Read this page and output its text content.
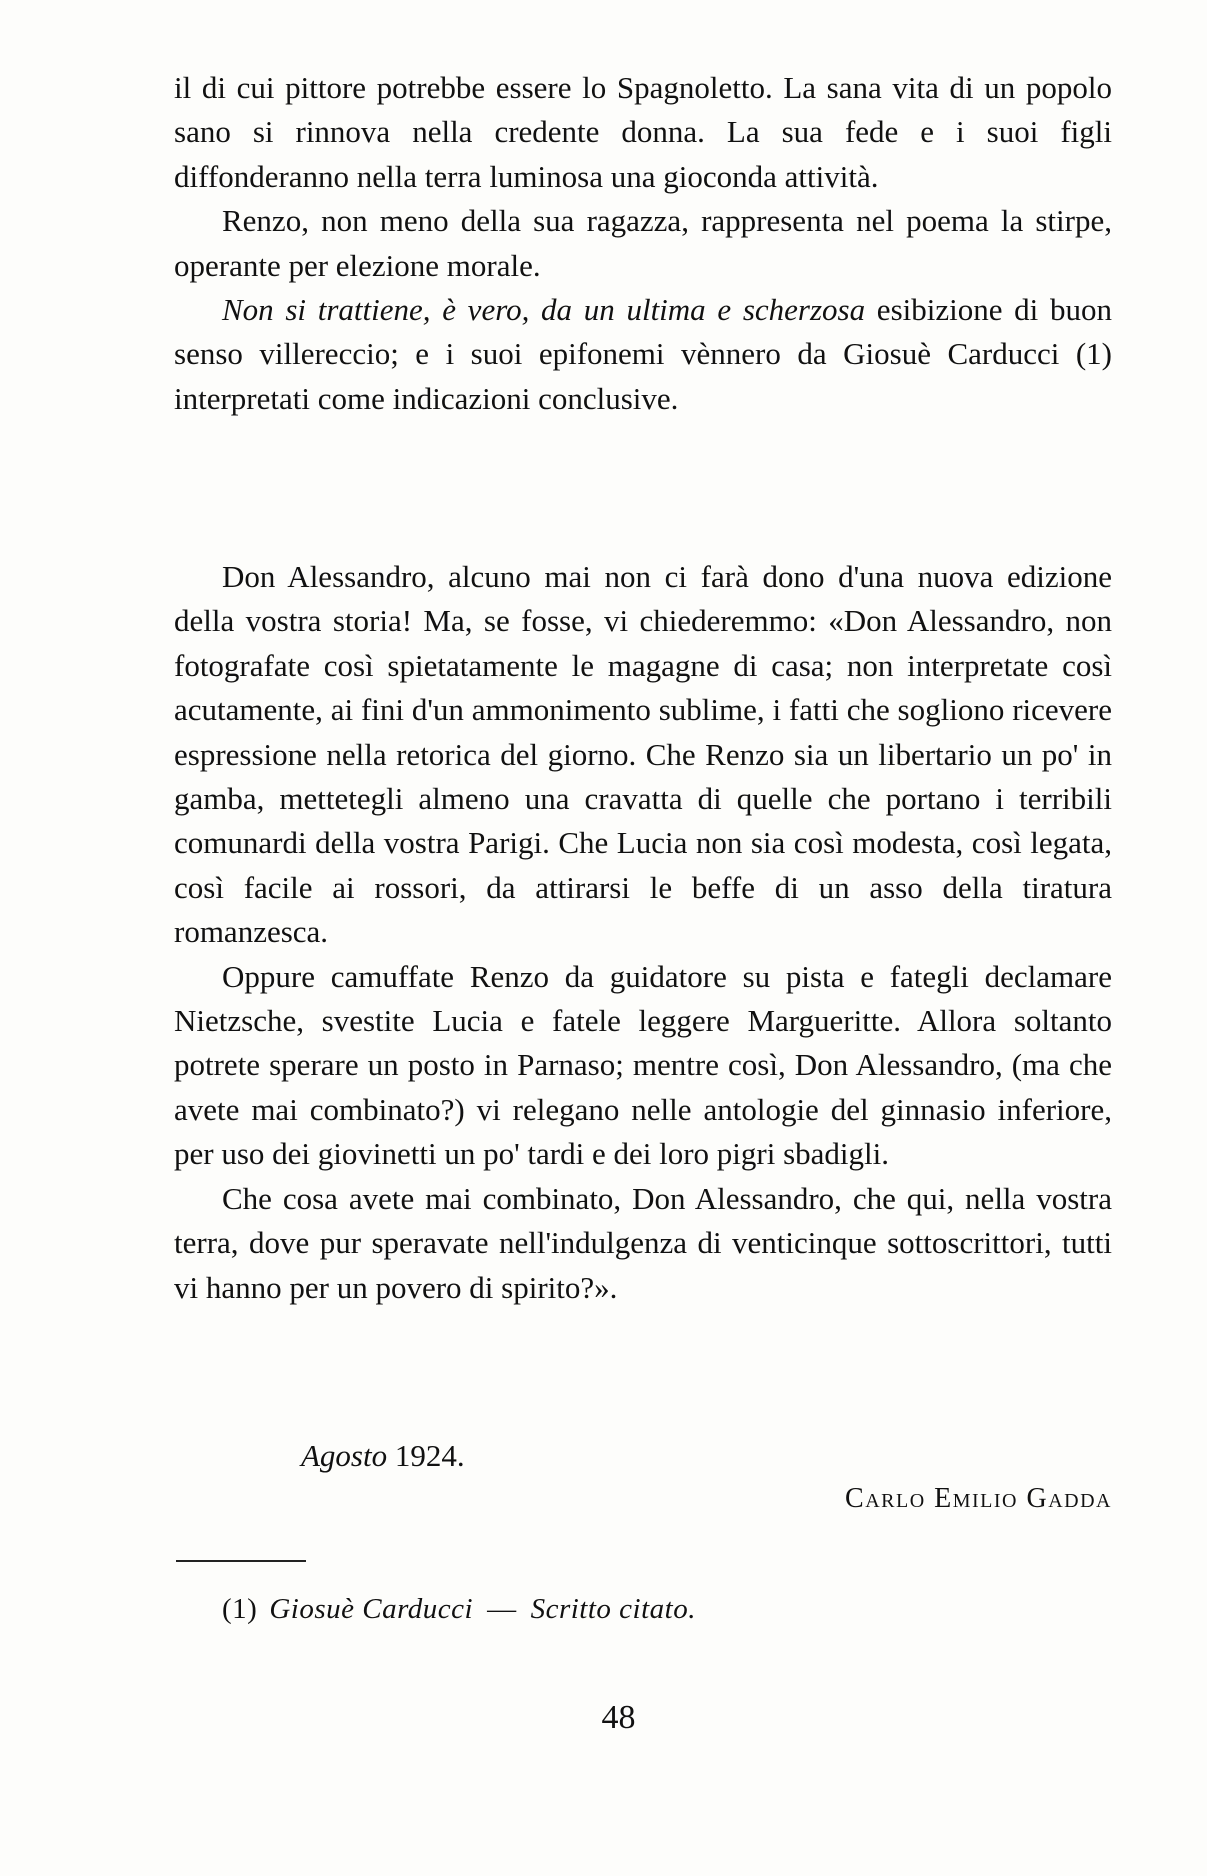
il di cui pittore potrebbe essere lo Spagnoletto. La sana vita di un popolo sano si rinnova nella credente donna. La sua fede e i suoi figli diffonderanno nella terra luminosa una gioconda attività.

Renzo, non meno della sua ragazza, rappresenta nel poema la stirpe, operante per elezione morale.

Non si trattiene, è vero, da un ultima e scherzosa esibizione di buon senso villereccio; e i suoi epifonemi vènnero da Giosuè Carducci (1) interpretati come indicazioni conclusive.

Don Alessandro, alcuno mai non ci farà dono d'una nuova edizione della vostra storia! Ma, se fosse, vi chiederemmo: «Don Alessandro, non fotografate così spietatamente le magagne di casa; non interpretate così acutamente, ai fini d'un ammonimento sublime, i fatti che sogliono ricevere espressione nella retorica del giorno. Che Renzo sia un libertario un po' in gamba, mettetegli almeno una cravatta di quelle che portano i terribili comunardi della vostra Parigi. Che Lucia non sia così modesta, così legata, così facile ai rossori, da attirarsi le beffe di un asso della tiratura romanzesca.

Oppure camuffate Renzo da guidatore su pista e fategli declamare Nietzsche, svestite Lucia e fatele leggere Margueritte. Allora soltanto potrete sperare un posto in Parnaso; mentre così, Don Alessandro, (ma che avete mai combinato?) vi relegano nelle antologie del ginnasio inferiore, per uso dei giovinetti un po' tardi e dei loro pigri sbadigli.

Che cosa avete mai combinato, Don Alessandro, che qui, nella vostra terra, dove pur speravate nell'indulgenza di venticinque sottoscrittori, tutti vi hanno per un povero di spirito?».

Agosto 1924.
Carlo Emilio Gadda
(1) Giosuè Carducci — Scritto citato.
48
